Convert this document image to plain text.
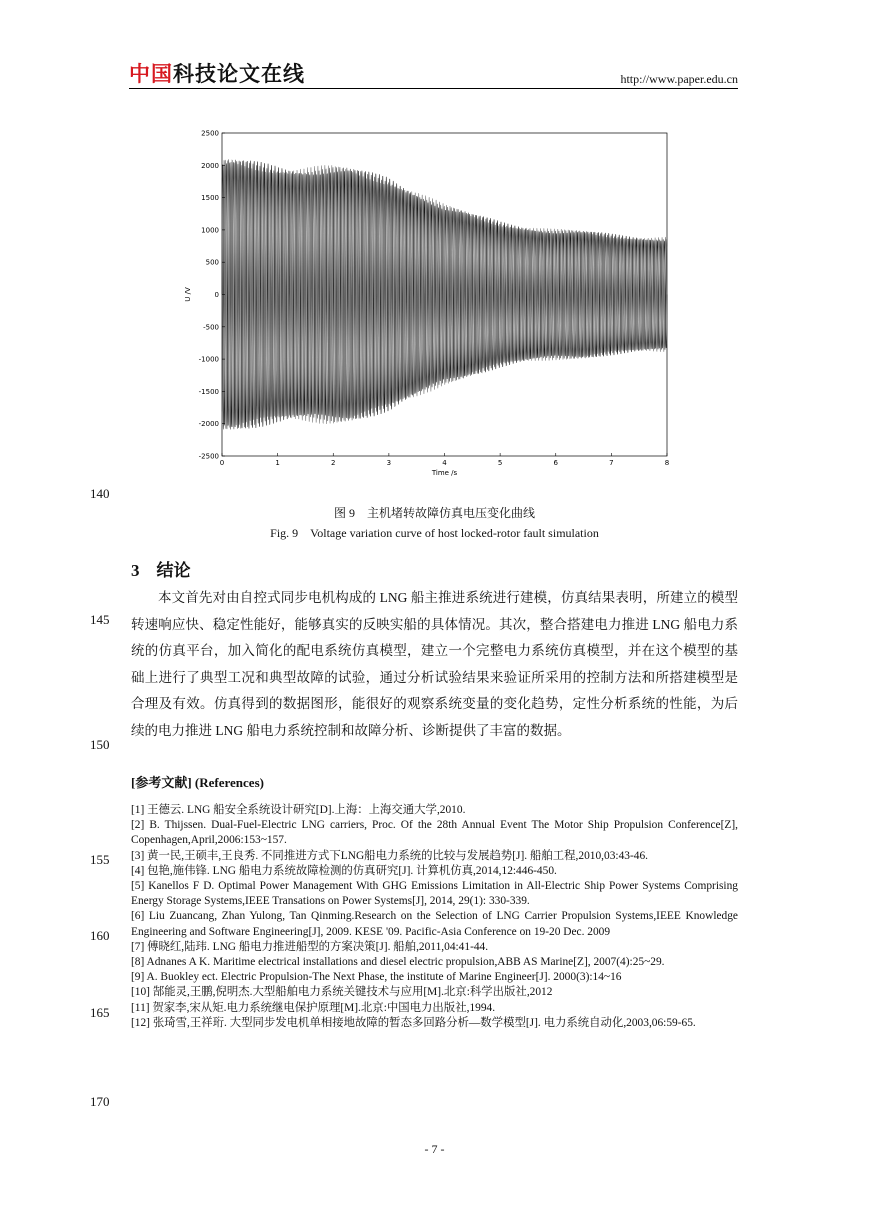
中国科技论文在线	http://www.paper.edu.cn
0	1	2	3	4	5	6	7	8
2500
2000
1500
1000
500
0
-500
-1000
-1500
-2000
-2500
Time /s
U /V
140
145
150
155
160
165
170
图 9　主机堵转故障仿真电压变化曲线
Fig. 9　Voltage variation curve of host locked-rotor fault simulation
3　结论
本文首先对由自控式同步电机构成的 LNG 船主推进系统进行建模，仿真结果表明，所建立的模型转速响应快、稳定性能好，能够真实的反映实船的具体情况。其次，整合搭建电力推进 LNG 船电力系统的仿真平台，加入简化的配电系统仿真模型，建立一个完整电力系统仿真模型，并在这个模型的基础上进行了典型工况和典型故障的试验，通过分析试验结果来验证所采用的控制方法和所搭建模型是合理及有效。仿真得到的数据图形，能很好的观察系统变量的变化趋势，定性分析系统的性能，为后续的电力推进 LNG 船电力系统控制和故障分析、诊断提供了丰富的数据。
[参考文献] (References)
[1] 王德云. LNG 船安全系统设计研究[D].上海：上海交通大学,2010.
[2] B. Thijssen. Dual-Fuel-Electric LNG carriers, Proc. Of the 28th Annual Event The Motor Ship Propulsion Conference[Z], Copenhagen,April,2006:153~157.
[3] 黄一民,王硕丰,王良秀. 不同推进方式下LNG船电力系统的比较与发展趋势[J]. 船舶工程,2010,03:43-46.
[4] 包艳,施伟锋. LNG 船电力系统故障检测的仿真研究[J]. 计算机仿真,2014,12:446-450.
[5] Kanellos F D. Optimal Power Management With GHG Emissions Limitation in All-Electric Ship Power Systems Comprising Energy Storage Systems,IEEE Transations on Power Systems[J], 2014, 29(1): 330-339.
[6] Liu Zuancang, Zhan Yulong, Tan Qinming.Research on the Selection of LNG Carrier Propulsion Systems,IEEE Knowledge Engineering and Software Engineering[J], 2009. KESE '09. Pacific-Asia Conference on 19-20 Dec. 2009
[7] 傅晓红,陆玮. LNG 船电力推进船型的方案决策[J]. 船舶,2011,04:41-44.
[8] Adnanes A K. Maritime electrical installations and diesel electric propulsion,ABB AS Marine[Z], 2007(4):25~29.
[9] A. Buokley ect. Electric Propulsion-The Next Phase, the institute of Marine Engineer[J]. 2000(3):14~16
[10] 郜能灵,王鹏,倪明杰.大型船舶电力系统关键技术与应用[M].北京:科学出版社,2012
[11] 贺家李,宋从矩.电力系统继电保护原理[M].北京:中国电力出版社,1994.
[12] 张琦雪,王祥珩. 大型同步发电机单相接地故障的暂态多回路分析—数学模型[J]. 电力系统自动化,2003,06:59-65.
- 7 -
